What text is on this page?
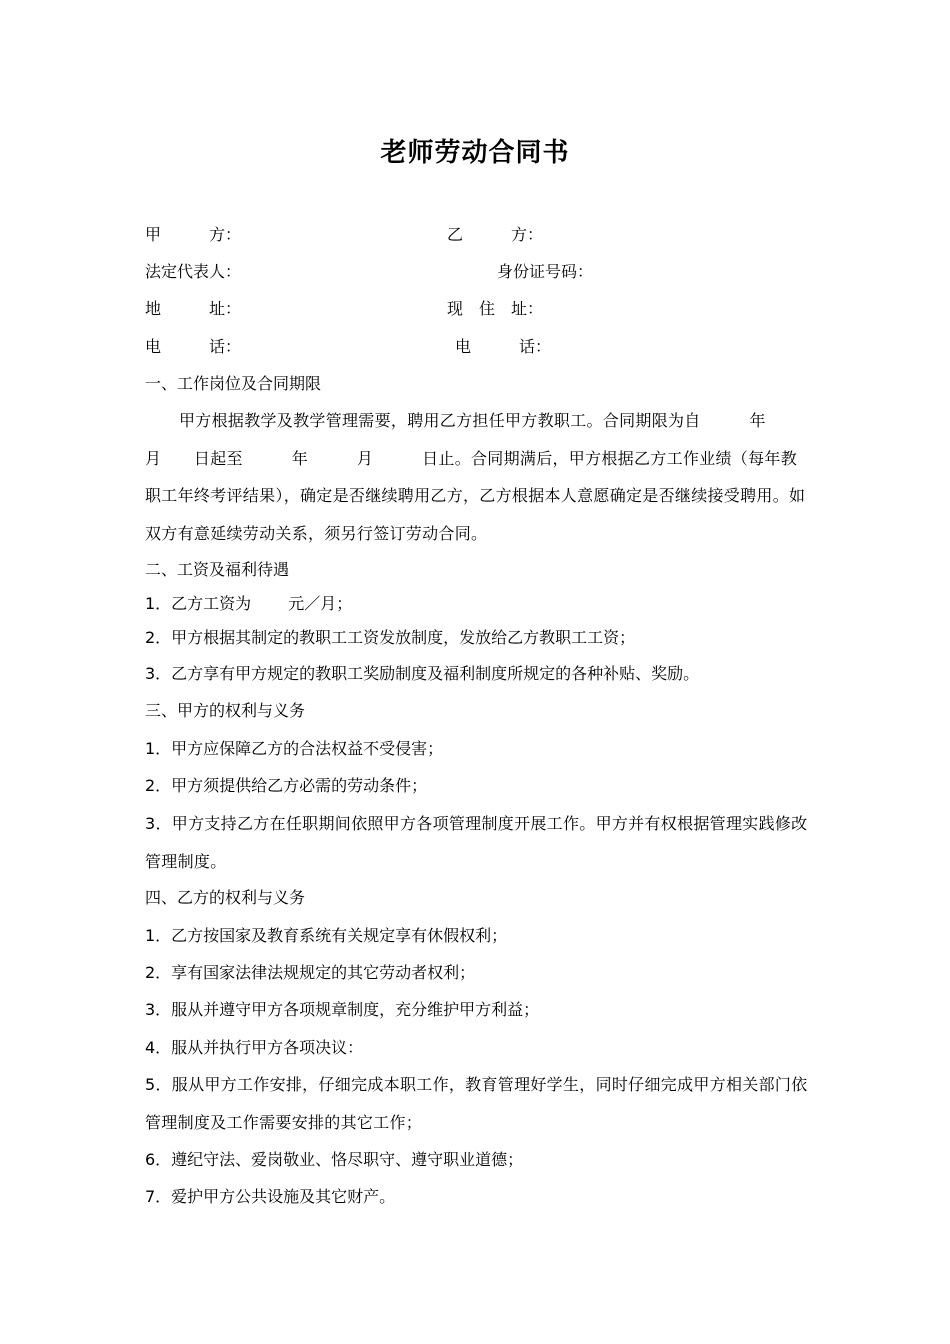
老师劳动合同书
甲　　　方：	乙　　　方：
法定代表人：	身份证号码：
地　　　址：	现　住　址：
电　　　话：	电　　　话：
一、工作岗位及合同期限
甲方根据教学及教学管理需要，聘用乙方担任甲方教职工。合同期限为自　　　年　　月　　日起至　　　年　　　月　　　日止。合同期满后，甲方根据乙方工作业绩（每年教职工年终考评结果），确定是否继续聘用乙方，乙方根据本人意愿确定是否继续接受聘用。如双方有意延续劳动关系，须另行签订劳动合同。
二、工资及福利待遇
1．乙方工资为　　 元／月；
2．甲方根据其制定的教职工工资发放制度，发放给乙方教职工工资；
3．乙方享有甲方规定的教职工奖励制度及福利制度所规定的各种补贴、奖励。
三、甲方的权利与义务
1．甲方应保障乙方的合法权益不受侵害；
2．甲方须提供给乙方必需的劳动条件；
3．甲方支持乙方在任职期间依照甲方各项管理制度开展工作。甲方并有权根据管理实践修改管理制度。
四、乙方的权利与义务
1．乙方按国家及教育系统有关规定享有休假权利；
2．享有国家法律法规规定的其它劳动者权利；
3．服从并遵守甲方各项规章制度，充分维护甲方利益；
4．服从并执行甲方各项决议：
5．服从甲方工作安排，仔细完成本职工作，教育管理好学生，同时仔细完成甲方相关部门依管理制度及工作需要安排的其它工作；
6．遵纪守法、爱岗敬业、恪尽职守、遵守职业道德；
7．爱护甲方公共设施及其它财产。
